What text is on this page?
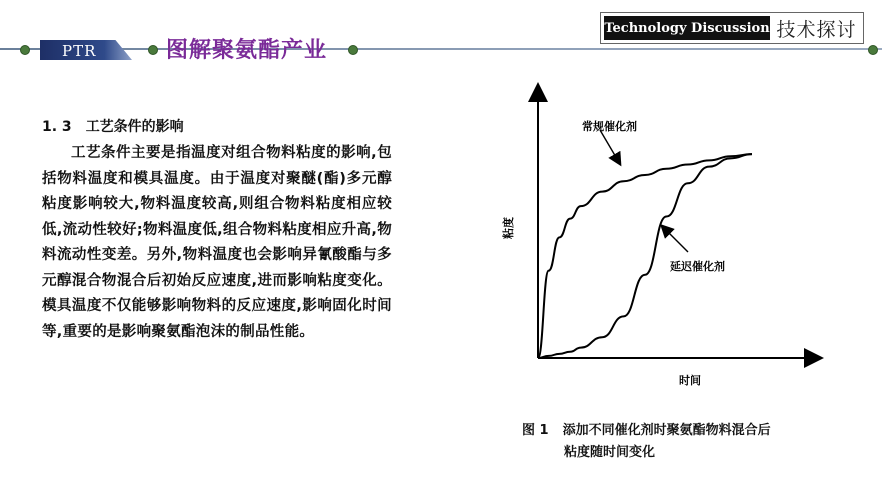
PTR	图解聚氨酯产业
Technology Discussion 技术探讨
1. 3 工艺条件的影响
工艺条件主要是指温度对组合物料粘度的影响,包括物料温度和模具温度。由于温度对聚醚(酯)多元醇粘度影响较大,物料温度较高,则组合物料粘度相应较低,流动性较好;物料温度低,组合物料粘度相应升高,物料流动性变差。另外,物料温度也会影响异氰酸酯与多元醇混合物混合后初始反应速度,进而影响粘度变化。模具温度不仅能够影响物料的反应速度,影响固化时间等,重要的是影响聚氨酯泡沫的制品性能。
粘度
时间
常规催化剂
延迟催化剂
图 1 添加不同催化剂时聚氨酯物料混合后
粘度随时间变化
